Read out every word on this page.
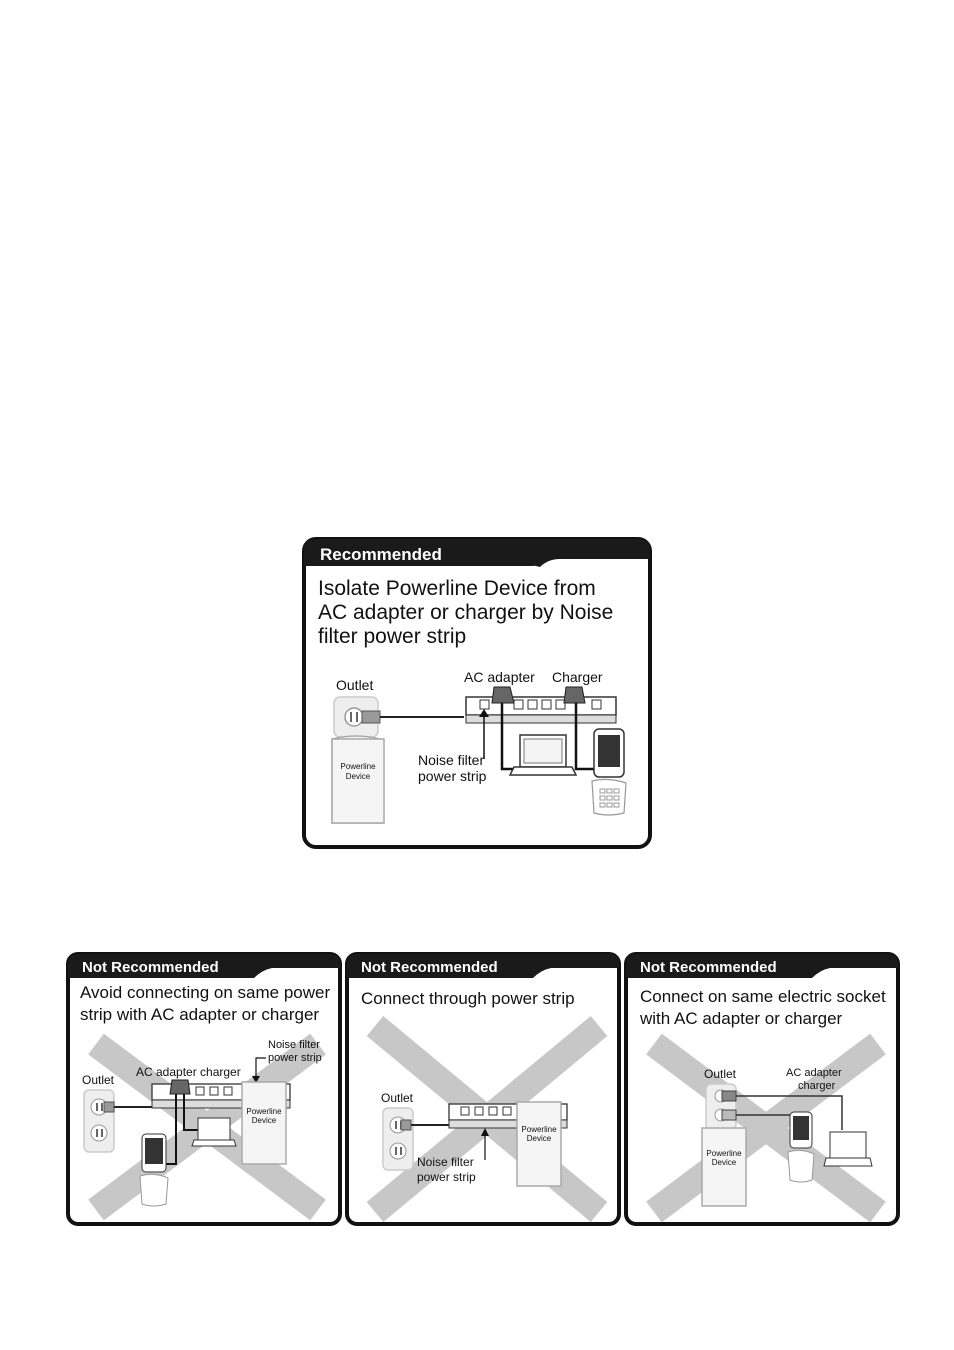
Recommended
Isolate Powerline Device from
AC adapter or charger by Noise
filter power strip
Outlet
Powerline
Device
AC adapter Charger
Noise filter
power strip
Not Recommended
Avoid connecting on same power
strip with AC adapter or charger
Outlet
AC adapter charger
Noise filter
power strip
Powerline
Device
Not Recommended
Connect through power strip
Outlet
Noise filter
power strip
Powerline
Device
Not Recommended
Connect on same electric socket
with AC adapter or charger
Outlet	AC adapter
charger
Powerline
Device
